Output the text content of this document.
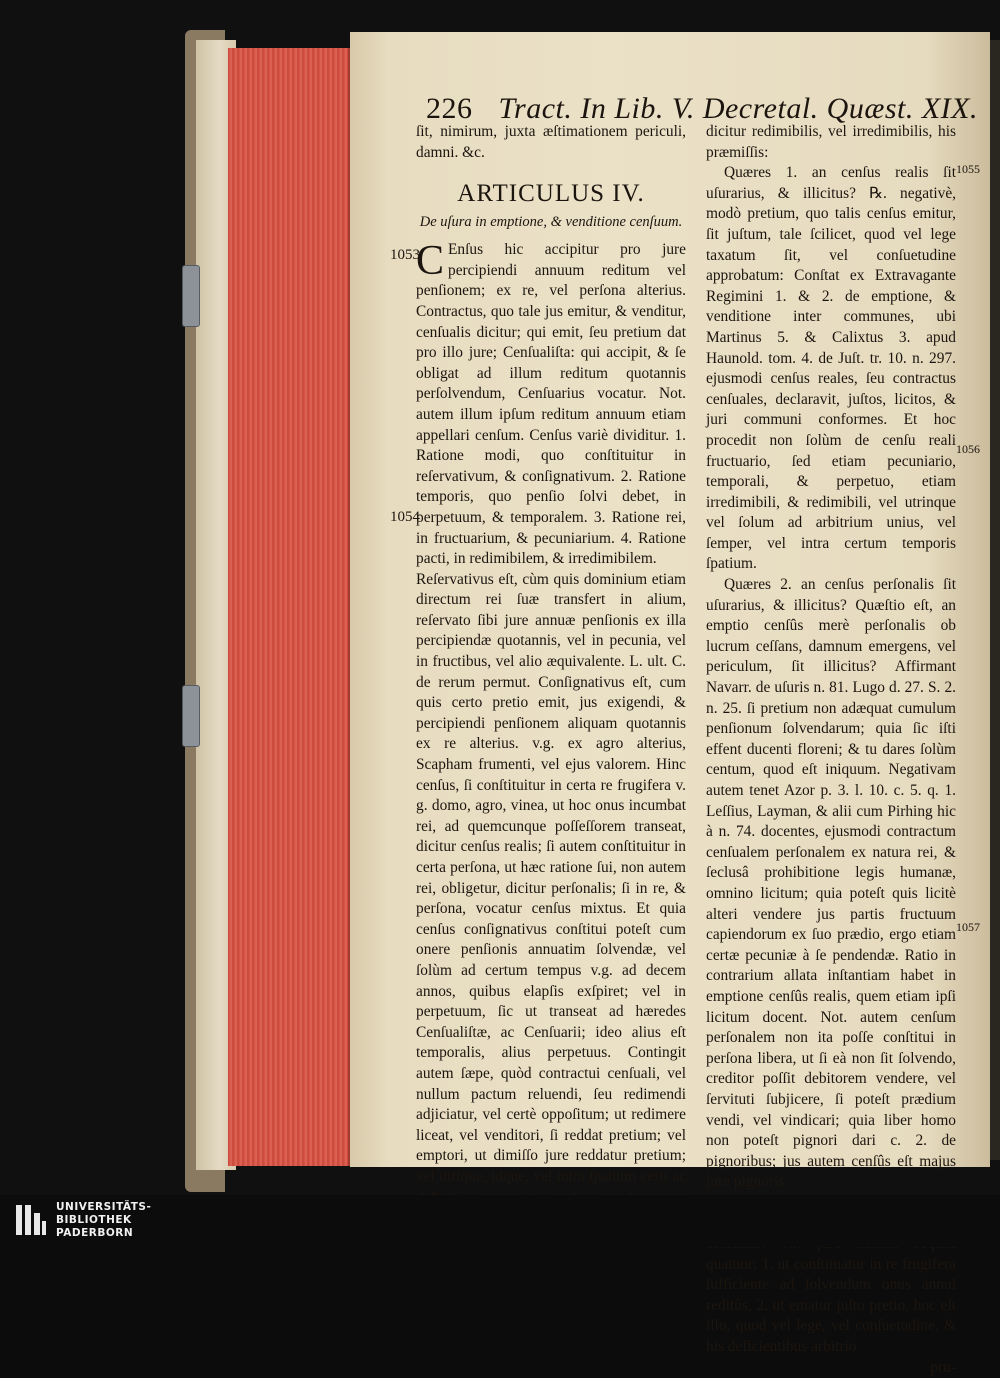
226 Tract. In Lib. V. Decretal. Quæst. XIX.

ſit, nimirum, juxta æſtimationem periculi, damni. &c.

ARTICULUS IV.
De uſura in emptione, & venditione cenſuum.

C Enſus hic accipitur pro jure percipiendi annuum reditum vel penſionem; ex re, vel perſona alterius. Contractus, quo tale jus emitur, & venditur, cenſualis dicitur; qui emit, ſeu pretium dat pro illo jure; Cenſualiſta: qui accipit, & ſe obligat ad illum reditum quotannis perſolvendum, Cenſuarius vocatur. Not. autem illum ipſum reditum annuum etiam appellari cenſum. Cenſus variè dividitur. 1. Ratione modi, quo conſtituitur in reſervativum, & conſignativum. 2. Ratione temporis, quo penſio ſolvi debet, in perpetuum, & temporalem. 3. Ratione rei, in fructuarium, & pecuniarium. 4. Ratione pacti, in redimibilem, & irredimibilem.

Reſervativus eſt, cùm quis dominium etiam directum rei ſuæ transfert in alium, reſervato ſibi jure annuæ penſionis ex illa percipiendæ quotannis, vel in pecunia, vel in fructibus, vel alio æquivalente. L. ult. C. de rerum permut. Conſignativus eſt, cum quis certo pretio emit, jus exigendi, & percipiendi penſionem aliquam quotannis ex re alterius. v.g. ex agro alterius, Scapham frumenti, vel ejus valorem. Hinc cenſus, ſi conſtituitur in certa re frugifera v. g. domo, agro, vinea, ut hoc onus incumbat rei, ad quemcunque poſſeſſorem transeat, dicitur cenſus realis; ſi autem conſtituitur in certa perſona, ut hæc ratione ſui, non autem rei, obligetur, dicitur perſonalis; ſi in re, & perſona, vocatur cenſus mixtus. Et quia cenſus conſignativus conſtitui poteſt cum onere penſionis annuatim ſolvendæ, vel ſolùm ad certum tempus v.g. ad decem annos, quibus elapſis exſpiret; vel in perpetuum, ſic ut transeat ad hæredes Cenſualiſtæ, ac Cenſuarii; ideo alius eſt temporalis, alius perpetuus. Contingit autem ſæpe, quòd contractui cenſuali, vel nullum pactum reluendi, ſeu redimendi adjiciatur, vel certè oppoſitum; ut redimere liceat, vel venditori, ſi reddat pretium; vel emptori, ut dimiſſo jure reddatur pretium; vel utrique, idque, vel intra ſpatium certi ac

dicitur redimibilis, vel irredimibilis, his præmiſſis:

Quæres 1. an cenſus realis ſit uſurarius, & illicitus? ℞. negativè, modò pretium, quo talis cenſus emitur, ſit juſtum, tale ſcilicet, quod vel lege taxatum ſit, vel conſuetudine approbatum: Conſtat ex Extravagante Regimini 1. & 2. de emptione, & venditione inter communes, ubi Martinus 5. & Calixtus 3. apud Haunold. tom. 4. de Juſt. tr. 10. n. 297. ejusmodi cenſus reales, ſeu contractus cenſuales, declaravit, juſtos, licitos, & juri communi conformes. Et hoc procedit non ſolùm de cenſu reali fructuario, ſed etiam pecuniario, temporali, & perpetuo, etiam irredimibili, & redimibili, vel utrinque vel ſolum ad arbitrium unius, vel ſemper, vel intra certum temporis ſpatium.

Quæres 2. an cenſus perſonalis ſit uſurarius, & illicitus? Quæſtio eſt, an emptio cenſûs merè perſonalis ob lucrum ceſſans, damnum emergens, vel periculum, ſit illicitus? Affirmant Navarr. de uſuris n. 81. Lugo d. 27. S. 2. n. 25. ſi pretium non adæquat cumulum penſionum ſolvendarum; quia ſic iſti effent ducenti floreni; & tu dares ſolùm centum, quod eſt iniquum. Negativam autem tenet Azor p. 3. l. 10. c. 5. q. 1. Leſſius, Layman, & alii cum Pirhing hic à n. 74. docentes, ejusmodi contractum cenſualem perſonalem ex natura rei, & ſeclusâ prohibitione legis humanæ, omnino licitum; quia poteſt quis licitè alteri vendere jus partis fructuum capiendorum ex ſuo prædio, ergo etiam certæ pecuniæ à ſe pendendæ. Ratio in contrarium allata inſtantiam habet in emptione cenſûs realis, quem etiam ipſi licitum docent. Not. autem cenſum perſonalem non ita poſſe conſtitui in perſona libera, ut ſi eà non ſit ſolvendo, creditor poſſit debitorem vendere, vel ſervituti ſubjicere, ſi poteſt prædium vendi, vel vindicari; quia liber homo non poteſt pignori dari c. 2. de pignoribus; jus autem cenſûs eſt majus jure pignoris.

quatuor; 1. ut conſtituatur in re frugifera ſufficiente ad ſolvendum onus annui reditûs, 2. ut ematur juſto pretio, hoc eſt illo, quod vel lege, vel conſuetudine, & his deficientibus arbitrio

pru-

1053
1054
1055
1056
1057
UNIVERSITÄTS-
BIBLIOTHEK
PADERBORN
